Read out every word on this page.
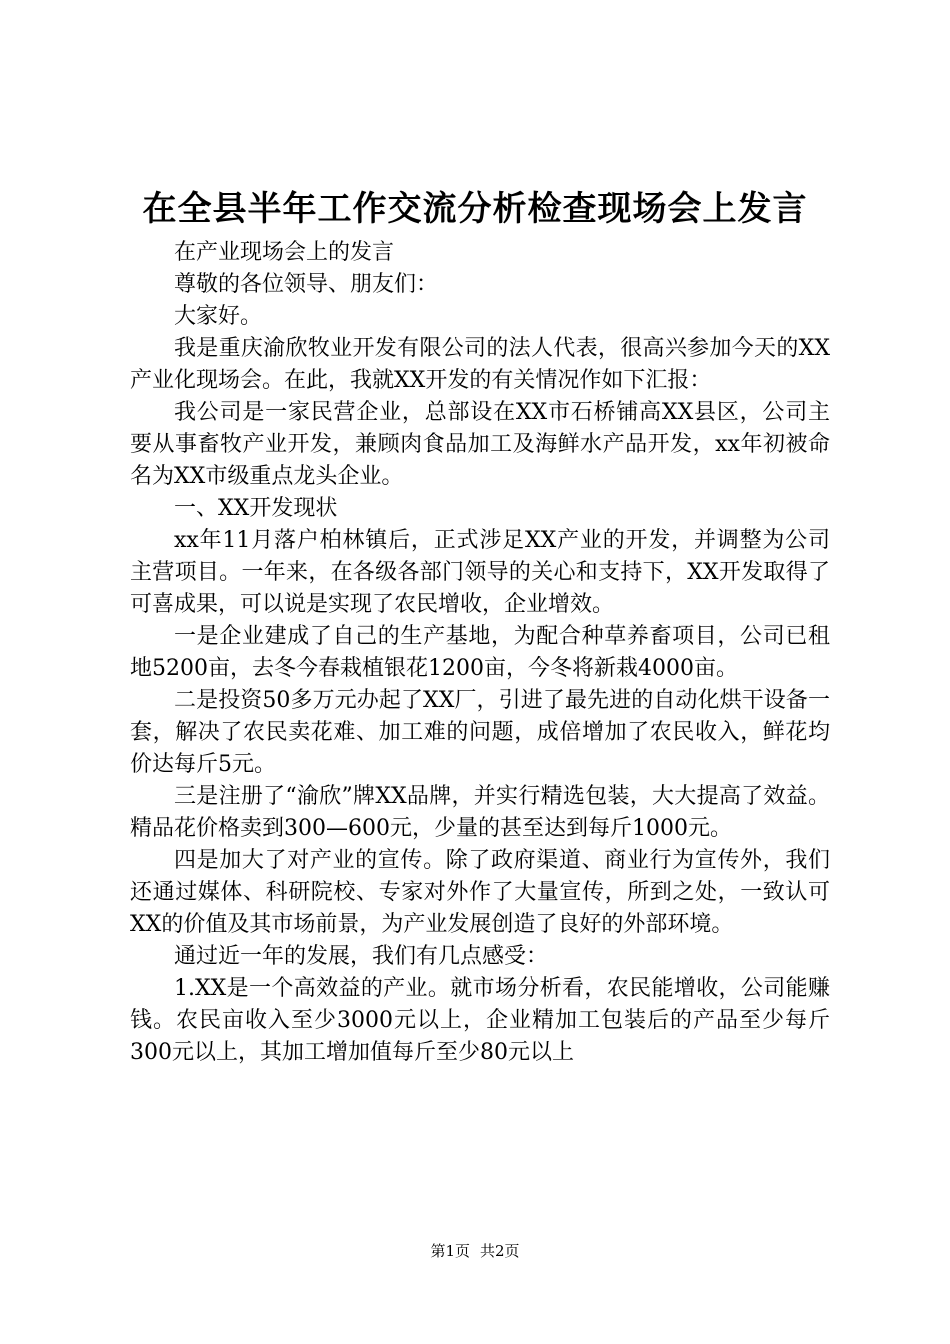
在全县半年工作交流分析检查现场会上发言

在产业现场会上的发言

尊敬的各位领导、朋友们：

大家好。

我是重庆渝欣牧业开发有限公司的法人代表，很高兴参加今天的XX产业化现场会。在此，我就XX开发的有关情况作如下汇报：

我公司是一家民营企业，总部设在XX市石桥铺高XX县区，公司主要从事畜牧产业开发，兼顾肉食品加工及海鲜水产品开发，xx年初被命名为XX市级重点龙头企业。

一、XX开发现状

xx年11月落户柏林镇后，正式涉足XX产业的开发，并调整为公司主营项目。一年来，在各级各部门领导的关心和支持下，XX开发取得了可喜成果，可以说是实现了农民增收，企业增效。

一是企业建成了自己的生产基地，为配合种草养畜项目，公司已租地5200亩，去冬今春栽植银花1200亩，今冬将新栽4000亩。

二是投资50多万元办起了XX厂，引进了最先进的自动化烘干设备一套，解决了农民卖花难、加工难的问题，成倍增加了农民收入，鲜花均价达每斤5元。

三是注册了“渝欣”牌XX品牌，并实行精选包装，大大提高了效益。精品花价格卖到300—600元，少量的甚至达到每斤1000元。

四是加大了对产业的宣传。除了政府渠道、商业行为宣传外，我们还通过媒体、科研院校、专家对外作了大量宣传，所到之处，一致认可XX的价值及其市场前景，为产业发展创造了良好的外部环境。

通过近一年的发展，我们有几点感受：

1.XX是一个高效益的产业。就市场分析看，农民能增收，公司能赚钱。农民亩收入至少3000元以上，企业精加工包装后的产品至少每斤300元以上，其加工增加值每斤至少80元以上

第1页 共2页
